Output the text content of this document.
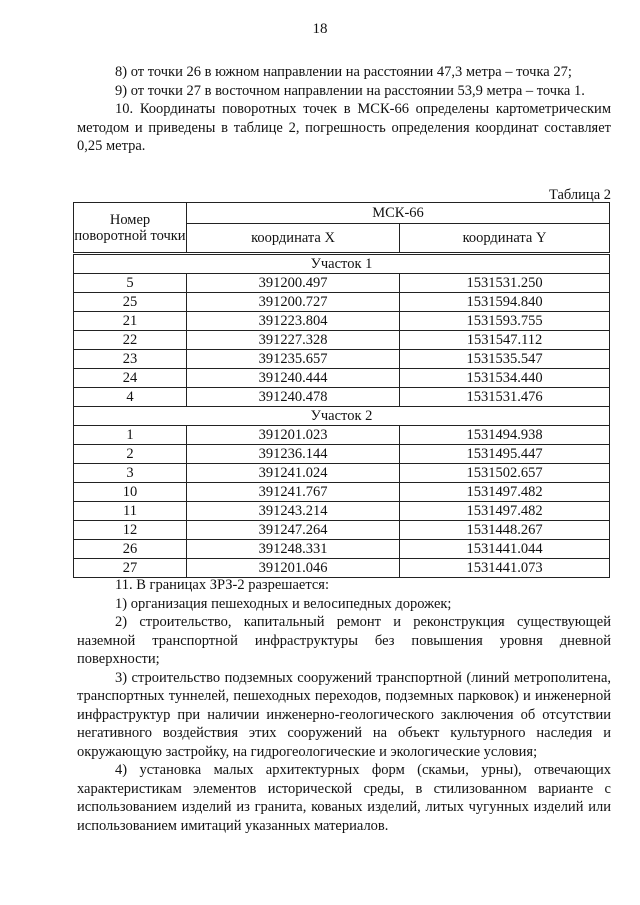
18

8) от точки 26 в южном направлении на расстоянии 47,3 метра – точка 27;

9) от точки 27 в восточном направлении на расстоянии 53,9 метра – точка 1.

10. Координаты поворотных точек в МСК-66 определены картометрическим методом и приведены в таблице 2, погрешность определения координат составляет 0,25 метра.

Таблица 2
Номер поворотной точки	МСК-66	
	координата X	координата Y
Участок 1		
5	391200.497	1531531.250
25	391200.727	1531594.840
21	391223.804	1531593.755
22	391227.328	1531547.112
23	391235.657	1531535.547
24	391240.444	1531534.440
4	391240.478	1531531.476
Участок 2		
1	391201.023	1531494.938
2	391236.144	1531495.447
3	391241.024	1531502.657
10	391241.767	1531497.482
11	391243.214	1531497.482
12	391247.264	1531448.267
26	391248.331	1531441.044
27	391201.046	1531441.073

11. В границах ЗРЗ-2 разрешается:

1) организация пешеходных и велосипедных дорожек;

2) строительство, капитальный ремонт и реконструкция существующей наземной транспортной инфраструктуры без повышения уровня дневной поверхности;

3) строительство подземных сооружений транспортной (линий метрополитена, транспортных туннелей, пешеходных переходов, подземных парковок) и инженерной инфраструктур при наличии инженерно-геологического заключения об отсутствии негативного воздействия этих сооружений на объект культурного наследия и окружающую застройку, на гидрогеологические и экологические условия;

4) установка малых архитектурных форм (скамьи, урны), отвечающих характеристикам элементов исторической среды, в стилизованном варианте с использованием изделий из гранита, кованых изделий, литых чугунных изделий или использованием имитаций указанных материалов.
